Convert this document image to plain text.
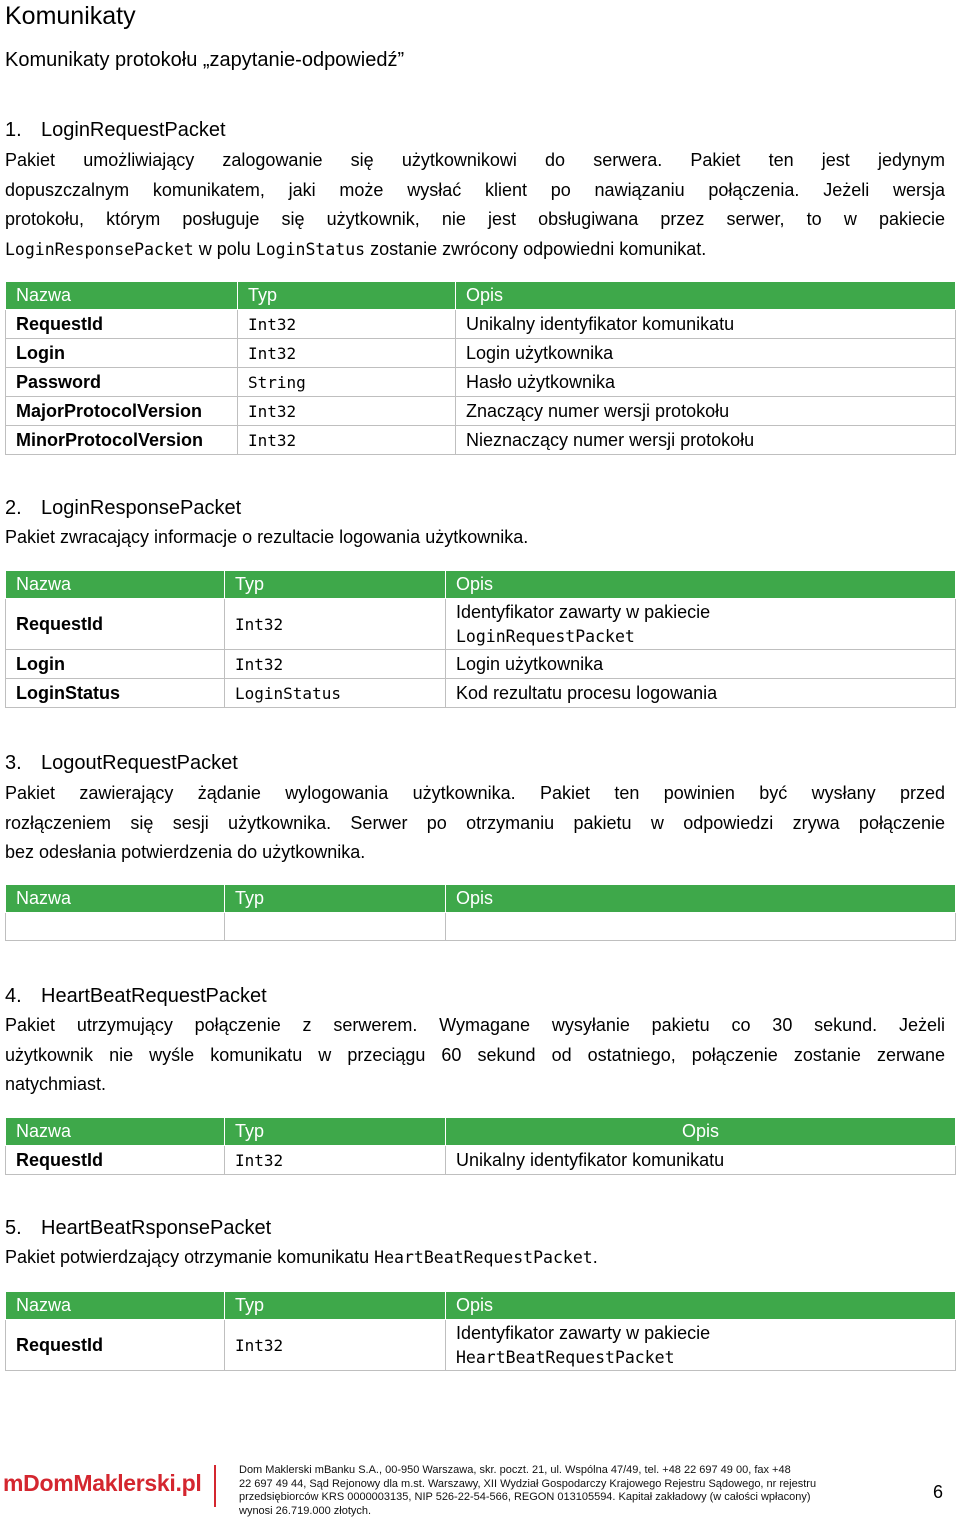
Komunikaty
Komunikaty protokołu „zapytanie-odpowiedź”
1. LoginRequestPacket
Pakiet umożliwiający zalogowanie się użytkownikowi do serwera. Pakiet ten jest jedynym
dopuszczalnym komunikatem, jaki może wysłać klient po nawiązaniu połączenia. Jeżeli wersja
protokołu, którym posługuje się użytkownik, nie jest obsługiwana przez serwer, to w pakiecie
LoginResponsePacket w polu LoginStatus zostanie zwrócony odpowiedni komunikat.
Nazwa	Typ	Opis
RequestId	Int32	Unikalny identyfikator komunikatu
Login	Int32	Login użytkownika
Password	String	Hasło użytkownika
MajorProtocolVersion	Int32	Znaczący numer wersji protokołu
MinorProtocolVersion	Int32	Nieznaczący numer wersji protokołu
2. LoginResponsePacket
Pakiet zwracający informacje o rezultacie logowania użytkownika.
Nazwa	Typ	Opis
RequestId	Int32	Identyfikator zawarty w pakiecie
LoginRequestPacket
Login	Int32	Login użytkownika
LoginStatus	LoginStatus	Kod rezultatu procesu logowania
3. LogoutRequestPacket
Pakiet zawierający żądanie wylogowania użytkownika. Pakiet ten powinien być wysłany przed
rozłączeniem się sesji użytkownika. Serwer po otrzymaniu pakietu w odpowiedzi zrywa połączenie
bez odesłania potwierdzenia do użytkownika.
Nazwa	Typ	Opis

4. HeartBeatRequestPacket
Pakiet utrzymujący połączenie z serwerem. Wymagane wysyłanie pakietu co 30 sekund. Jeżeli
użytkownik nie wyśle komunikatu w przeciągu 60 sekund od ostatniego, połączenie zostanie zerwane
natychmiast.
Nazwa	Typ	Opis
RequestId	Int32	Unikalny identyfikator komunikatu
5. HeartBeatRsponsePacket
Pakiet potwierdzający otrzymanie komunikatu HeartBeatRequestPacket.
Nazwa	Typ	Opis
RequestId	Int32	Identyfikator zawarty w pakiecie
HeartBeatRequestPacket
mDomMaklerski.pl	Dom Maklerski mBanku S.A., 00-950 Warszawa, skr. poczt. 21, ul. Wspólna 47/49, tel. +48 22 697 49 00, fax +48
22 697 49 44, Sąd Rejonowy dla m.st. Warszawy, XII Wydział Gospodarczy Krajowego Rejestru Sądowego, nr rejestru
przedsiębiorców KRS 0000003135, NIP 526-22-54-566, REGON 013105594. Kapitał zakładowy (w całości wpłacony)
wynosi 26.719.000 złotych.
6
